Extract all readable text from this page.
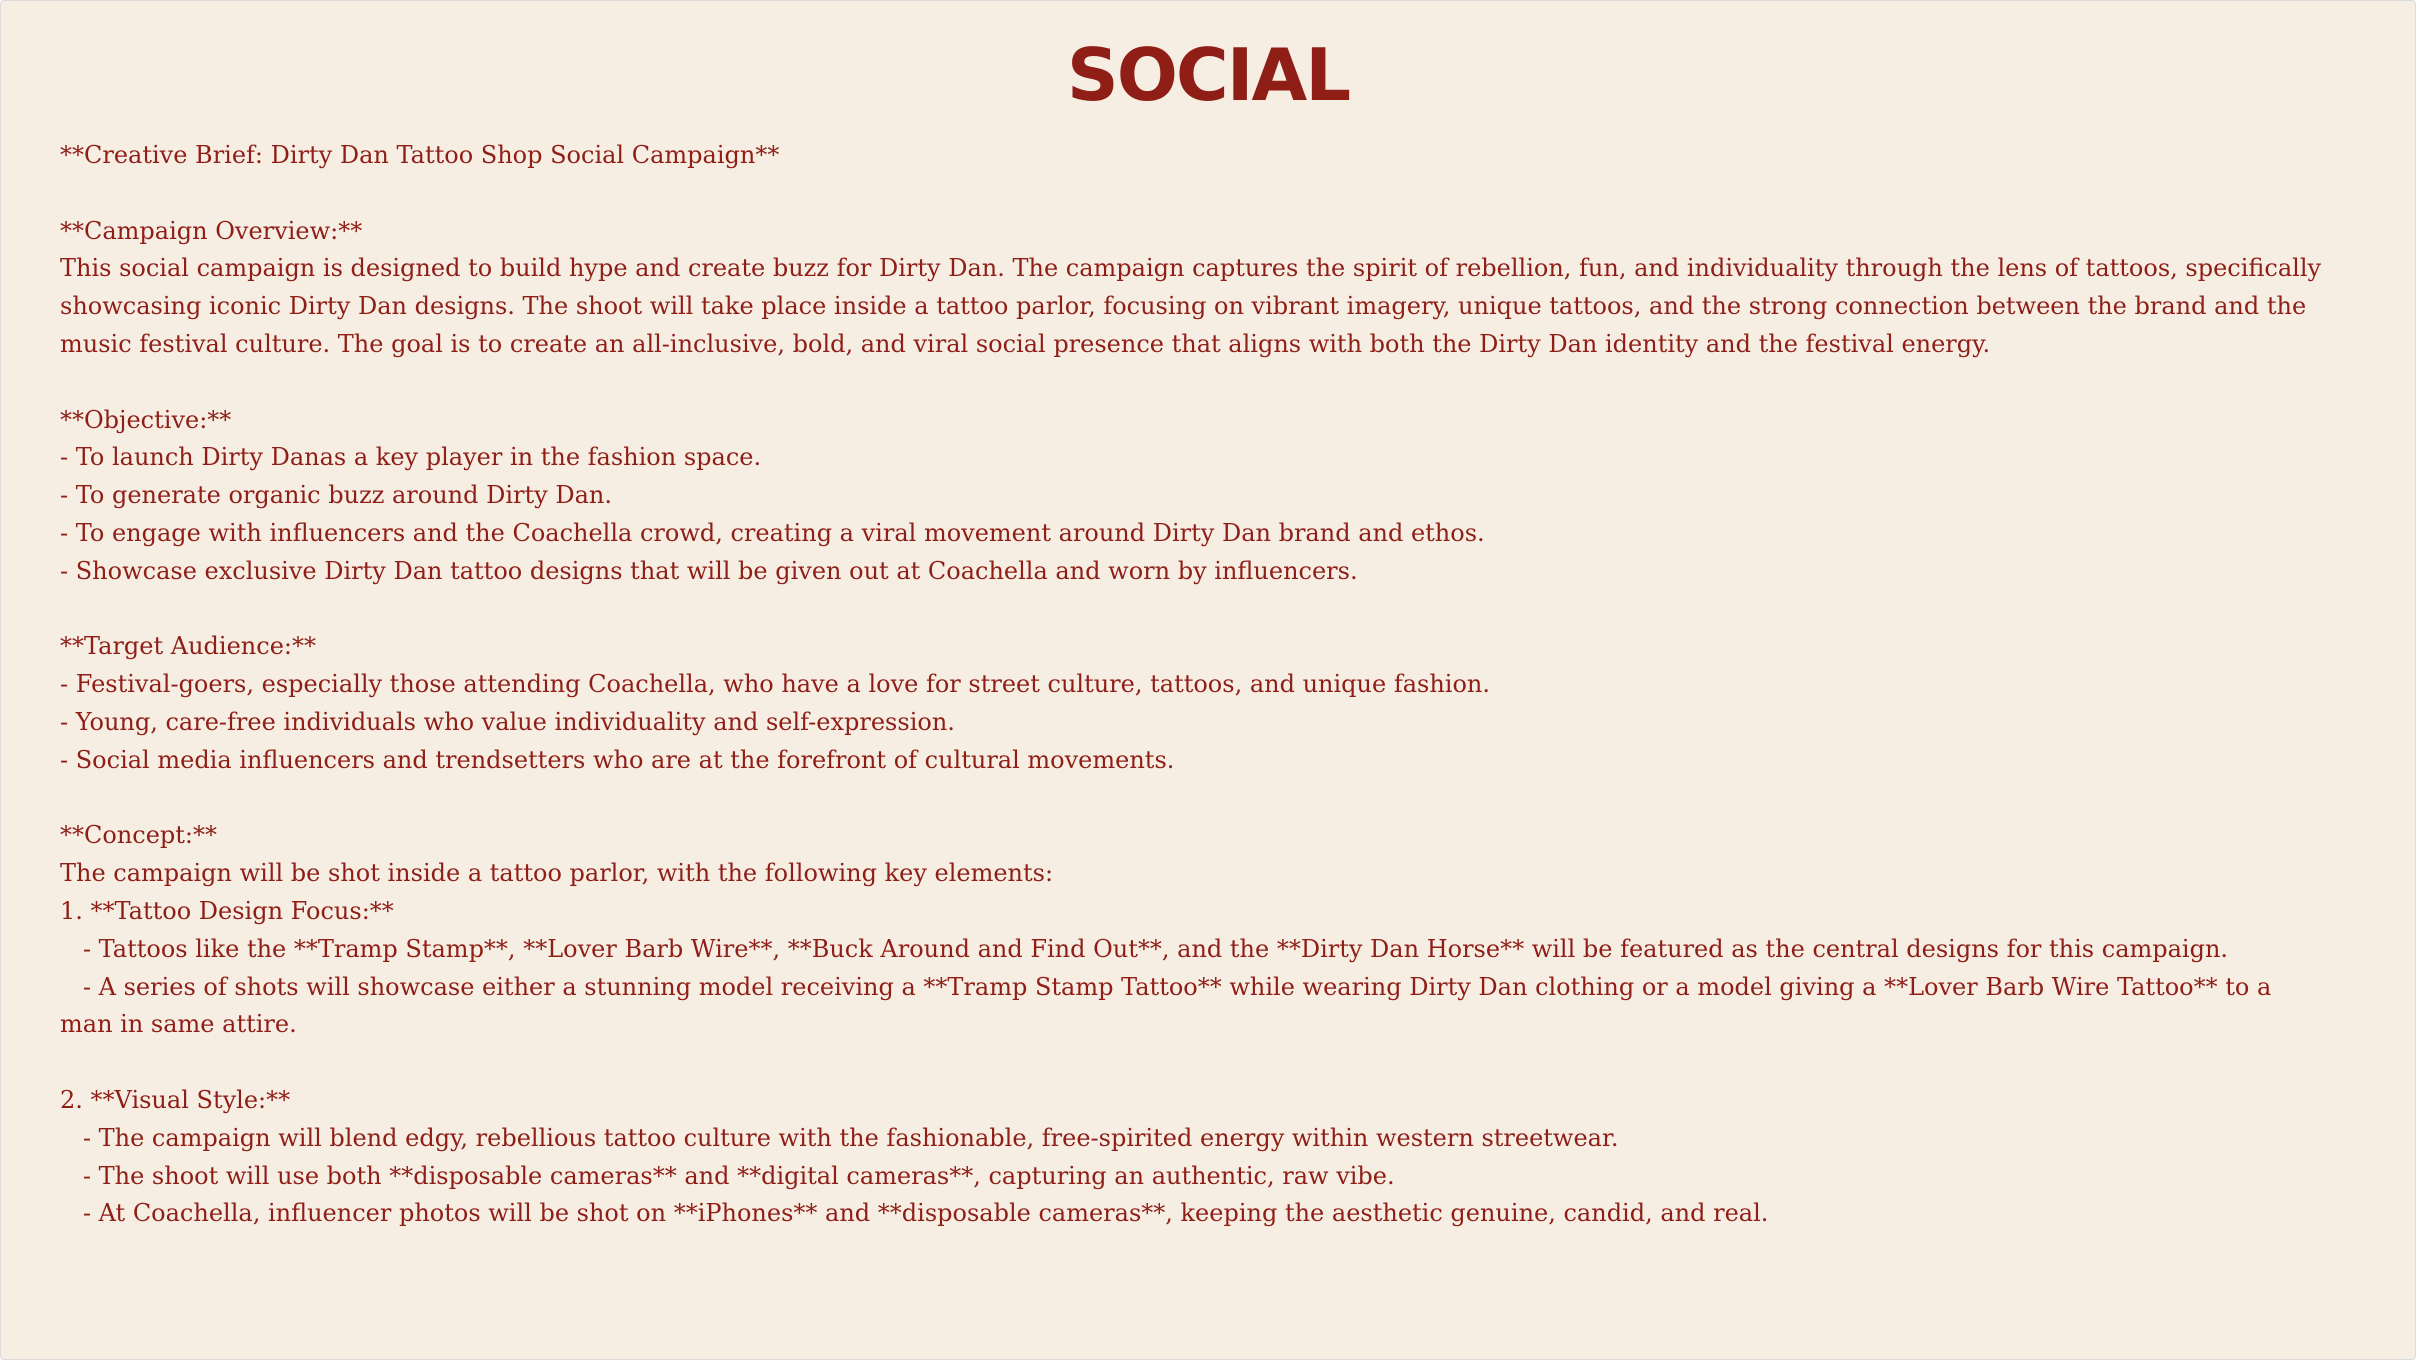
SOCIAL
**Creative Brief: Dirty Dan Tattoo Shop Social Campaign**
**Campaign Overview:**
This social campaign is designed to build hype and create buzz for Dirty Dan. The campaign captures the spirit of rebellion, fun, and individuality through the lens of tattoos, specifically
showcasing iconic Dirty Dan designs. The shoot will take place inside a tattoo parlor, focusing on vibrant imagery, unique tattoos, and the strong connection between the brand and the
music festival culture. The goal is to create an all-inclusive, bold, and viral social presence that aligns with both the Dirty Dan identity and the festival energy.
**Objective:**
- To launch Dirty Danas a key player in the fashion space.
- To generate organic buzz around Dirty Dan.
- To engage with influencers and the Coachella crowd, creating a viral movement around Dirty Dan brand and ethos.
- Showcase exclusive Dirty Dan tattoo designs that will be given out at Coachella and worn by influencers.
**Target Audience:**
- Festival-goers, especially those attending Coachella, who have a love for street culture, tattoos, and unique fashion.
- Young, care-free individuals who value individuality and self-expression.
- Social media influencers and trendsetters who are at the forefront of cultural movements.
**Concept:**
The campaign will be shot inside a tattoo parlor, with the following key elements:
1. **Tattoo Design Focus:**
- Tattoos like the **Tramp Stamp**, **Lover Barb Wire**, **Buck Around and Find Out**, and the **Dirty Dan Horse** will be featured as the central designs for this campaign.
- A series of shots will showcase either a stunning model receiving a **Tramp Stamp Tattoo** while wearing Dirty Dan clothing or a model giving a **Lover Barb Wire Tattoo** to a
man in same attire.
2. **Visual Style:**
- The campaign will blend edgy, rebellious tattoo culture with the fashionable, free-spirited energy within western streetwear.
- The shoot will use both **disposable cameras** and **digital cameras**, capturing an authentic, raw vibe.
- At Coachella, influencer photos will be shot on **iPhones** and **disposable cameras**, keeping the aesthetic genuine, candid, and real.
